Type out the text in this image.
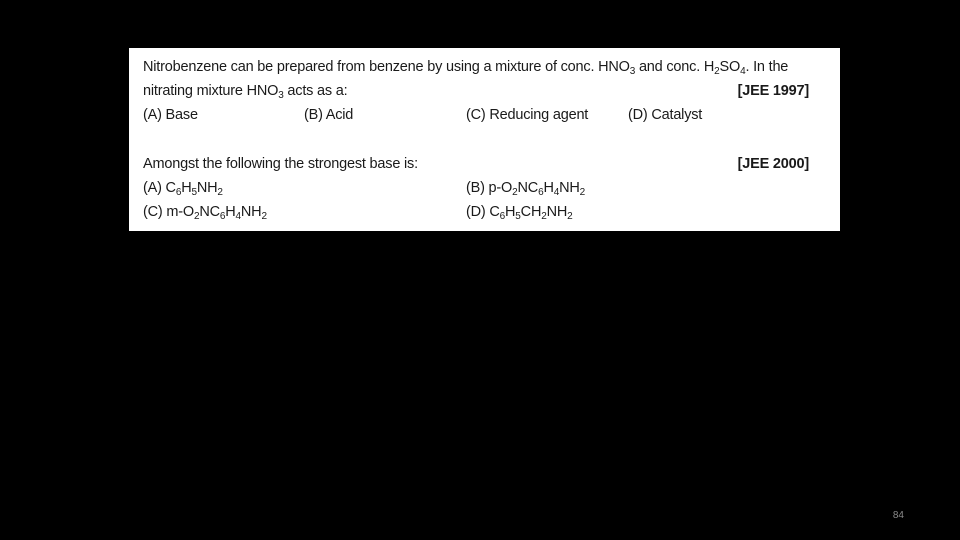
Nitrobenzene can be prepared from benzene by using a mixture of conc. $HNO_3$ and conc. $H_2SO_4$. In the
nitrating mixture $HNO_3$ acts as a:	[JEE 1997]
(A) Base	(B) Acid	(C) Reducing agent	(D) Catalyst
Amongst the following the strongest base is:	[JEE 2000]
(A) $C_6H_5NH_2$	(B) $p-O_2NC_6H_4NH_2$
(C) $m-O_2NC_6H_4NH_2$	(D) $C_6H_5CH_2NH_2$
84
